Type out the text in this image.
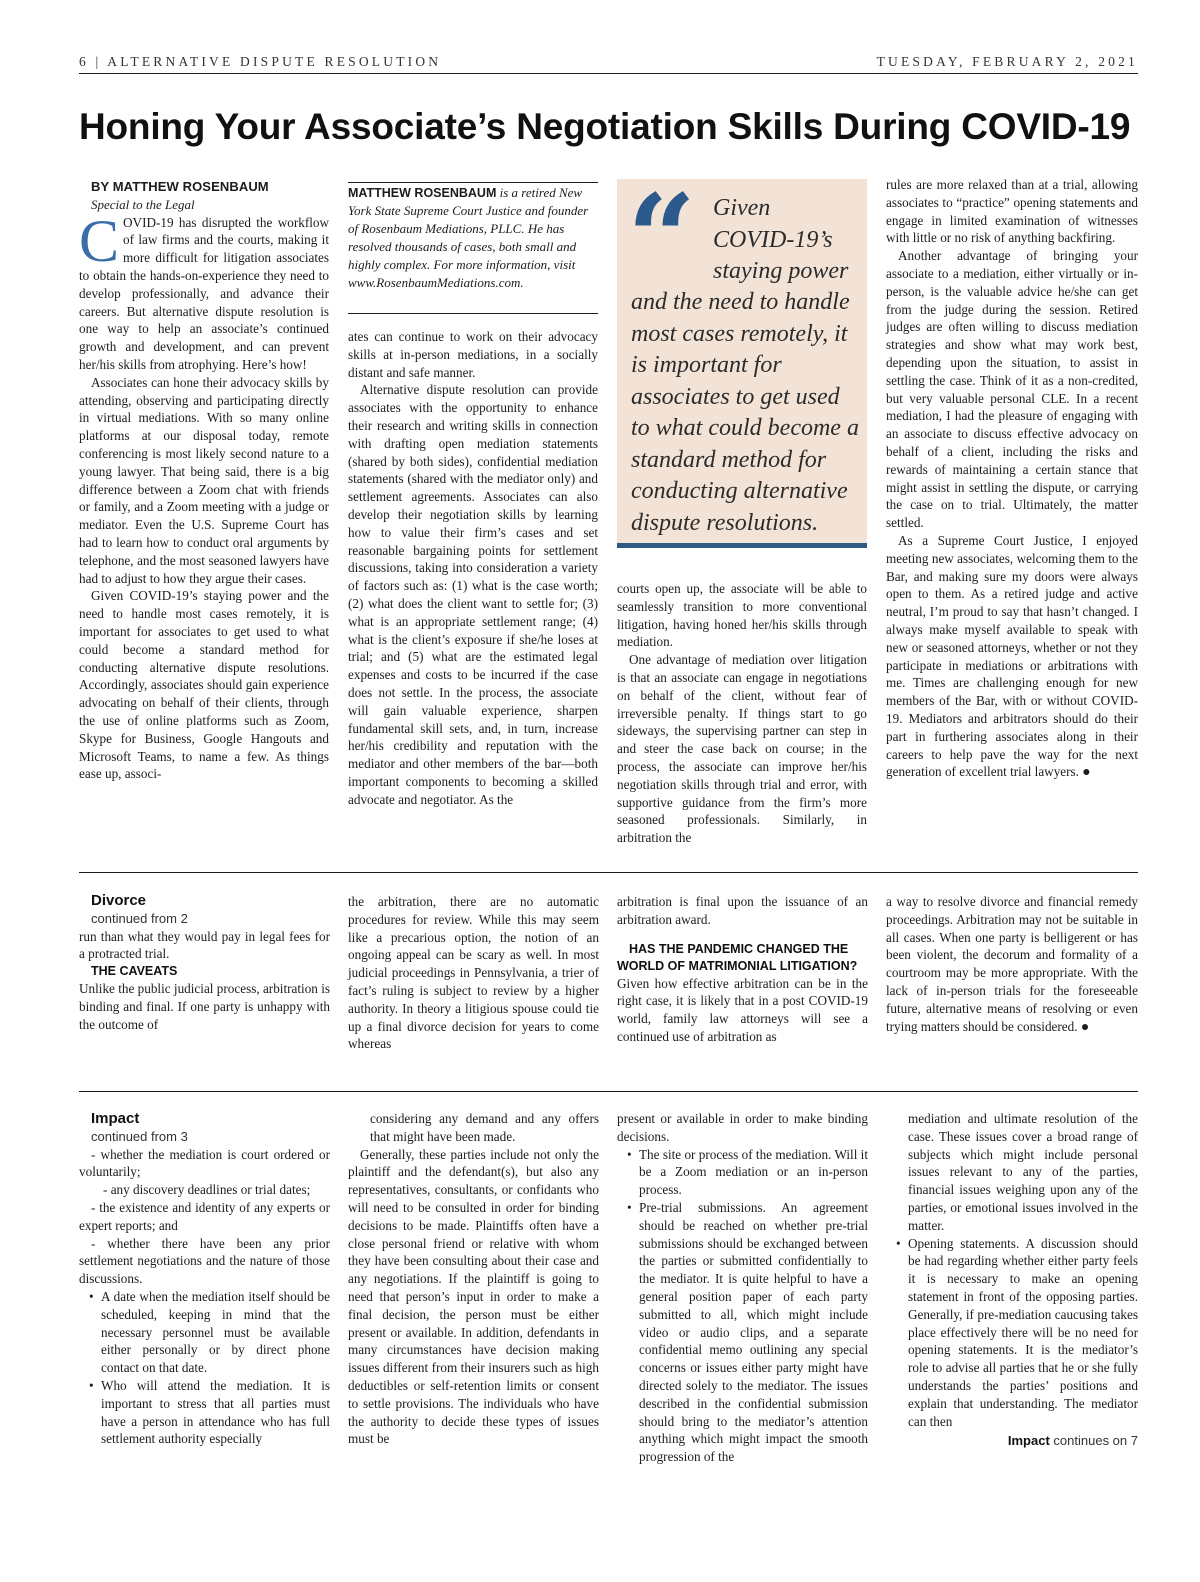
6 | ALTERNATIVE DISPUTE RESOLUTION	TUESDAY, FEBRUARY 2, 2021
Honing Your Associate’s Negotiation Skills During COVID-19

BY MATTHEW ROSENBAUM

Special to the Legal

COVID-19 has disrupted the workflow of law firms and the courts, making it more difficult for litigation associates to obtain the hands-on-experience they need to develop professionally, and advance their careers. But alternative dispute resolution is one way to help an associate’s continued growth and development, and can prevent her/his skills from atrophying. Here’s how!

Associates can hone their advocacy skills by attending, observing and participating directly in virtual mediations. With so many online platforms at our disposal today, remote conferencing is most likely second nature to a young lawyer. That being said, there is a big difference between a Zoom chat with friends or family, and a Zoom meeting with a judge or mediator. Even the U.S. Supreme Court has had to learn how to conduct oral arguments by telephone, and the most seasoned lawyers have had to adjust to how they argue their cases.

Given COVID-19’s staying power and the need to handle most cases remotely, it is important for associates to get used to what could become a standard method for conducting alternative dispute resolutions. Accordingly, associates should gain experience advocating on behalf of their clients, through the use of online platforms such as Zoom, Skype for Business, Google Hangouts and Microsoft Teams, to name a few. As things ease up, associ-

MATTHEW ROSENBAUM is a retired New York State Supreme Court Justice and founder of Rosenbaum Mediations, PLLC. He has resolved thousands of cases, both small and highly complex. For more information, visit www.RosenbaumMediations.com.

ates can continue to work on their advocacy skills at in-person mediations, in a socially distant and safe manner.

Alternative dispute resolution can provide associates with the opportunity to enhance their research and writing skills in connection with drafting open mediation statements (shared by both sides), confidential mediation statements (shared with the mediator only) and settlement agreements. Associates can also develop their negotiation skills by learning how to value their firm’s cases and set reasonable bargaining points for settlement discussions, taking into consideration a variety of factors such as: (1) what is the case worth; (2) what does the client want to settle for; (3) what is an appropriate settlement range; (4) what is the client’s exposure if she/he loses at trial; and (5) what are the estimated legal expenses and costs to be incurred if the case does not settle. In the process, the associate will gain valuable experience, sharpen fundamental skill sets, and, in turn, increase her/his credibility and reputation with the mediator and other members of the bar—both important components to becoming a skilled advocate and negotiator. As the

“ Given COVID-19’s staying power
and the need to handle most cases remotely, it is important for associates to get used to what could become a standard method for conducting alternative dispute resolutions.

courts open up, the associate will be able to seamlessly transition to more conventional litigation, having honed her/his skills through mediation.

One advantage of mediation over litigation is that an associate can engage in negotiations on behalf of the client, without fear of irreversible penalty. If things start to go sideways, the supervising partner can step in and steer the case back on course; in the process, the associate can improve her/his negotiation skills through trial and error, with supportive guidance from the firm’s more seasoned professionals. Similarly, in arbitration the

rules are more relaxed than at a trial, allowing associates to “practice” opening statements and engage in limited examination of witnesses with little or no risk of anything backfiring.

Another advantage of bringing your associate to a mediation, either virtually or in-person, is the valuable advice he/she can get from the judge during the session. Retired judges are often willing to discuss mediation strategies and show what may work best, depending upon the situation, to assist in settling the case. Think of it as a non-credited, but very valuable personal CLE. In a recent mediation, I had the pleasure of engaging with an associate to discuss effective advocacy on behalf of a client, including the risks and rewards of maintaining a certain stance that might assist in settling the dispute, or carrying the case on to trial. Ultimately, the matter settled.

As a Supreme Court Justice, I enjoyed meeting new associates, welcoming them to the Bar, and making sure my doors were always open to them. As a retired judge and active neutral, I’m proud to say that hasn’t changed. I always make myself available to speak with new or seasoned attorneys, whether or not they participate in mediations or arbitrations with me. Times are challenging enough for new members of the Bar, with or without COVID-19. Mediators and arbitrators should do their part in furthering associates along in their careers to help pave the way for the next generation of excellent trial lawyers. ●

Divorce

continued from 2

run than what they would pay in legal fees for a protracted trial.

THE CAVEATS

Unlike the public judicial process, arbitration is binding and final. If one party is unhappy with the outcome of

the arbitration, there are no automatic procedures for review. While this may seem like a precarious option, the notion of an ongoing appeal can be scary as well. In most judicial proceedings in Pennsylvania, a trier of fact’s ruling is subject to review by a higher authority. In theory a litigious spouse could tie up a final divorce decision for years to come whereas

arbitration is final upon the issuance of an arbitration award.

HAS THE PANDEMIC CHANGED THE WORLD OF MATRIMONIAL LITIGATION?

Given how effective arbitration can be in the right case, it is likely that in a post COVID-19 world, family law attorneys will see a continued use of arbitration as

a way to resolve divorce and financial remedy proceedings. Arbitration may not be suitable in all cases. When one party is belligerent or has been violent, the decorum and formality of a courtroom may be more appropriate. With the lack of in-person trials for the foreseeable future, alternative means of resolving or even trying matters should be considered. ●

Impact

continued from 3

- whether the mediation is court ordered or voluntarily;

- any discovery deadlines or trial dates;

- the existence and identity of any experts or expert reports; and

- whether there have been any prior settlement negotiations and the nature of those discussions.

• A date when the mediation itself should be scheduled, keeping in mind that the necessary personnel must be available either personally or by direct phone contact on that date.
• Who will attend the mediation. It is important to stress that all parties must have a person in attendance who has full settlement authority especially

considering any demand and any offers that might have been made.

Generally, these parties include not only the plaintiff and the defendant(s), but also any representatives, consultants, or confidants who will need to be consulted in order for binding decisions to be made. Plaintiffs often have a close personal friend or relative with whom they have been consulting about their case and any negotiations. If the plaintiff is going to need that person’s input in order to make a final decision, the person must be either present or available. In addition, defendants in many circumstances have decision making issues different from their insurers such as high deductibles or self-retention limits or consent to settle provisions. The individuals who have the authority to decide these types of issues must be

present or available in order to make binding decisions.

• The site or process of the mediation. Will it be a Zoom mediation or an in-person process.
• Pre-trial submissions. An agreement should be reached on whether pre-trial submissions should be exchanged between the parties or submitted confidentially to the mediator. It is quite helpful to have a general position paper of each party submitted to all, which might include video or audio clips, and a separate confidential memo outlining any special concerns or issues either party might have directed solely to the mediator. The issues described in the confidential submission should bring to the mediator’s attention anything which might impact the smooth progression of the

mediation and ultimate resolution of the case. These issues cover a broad range of subjects which might include personal issues relevant to any of the parties, financial issues weighing upon any of the parties, or emotional issues involved in the matter.

• Opening statements. A discussion should be had regarding whether either party feels it is necessary to make an opening statement in front of the opposing parties. Generally, if pre-mediation caucusing takes place effectively there will be no need for opening statements. It is the mediator’s role to advise all parties that he or she fully understands the parties’ positions and explain that understanding. The mediator can then
Impact continues on 7
